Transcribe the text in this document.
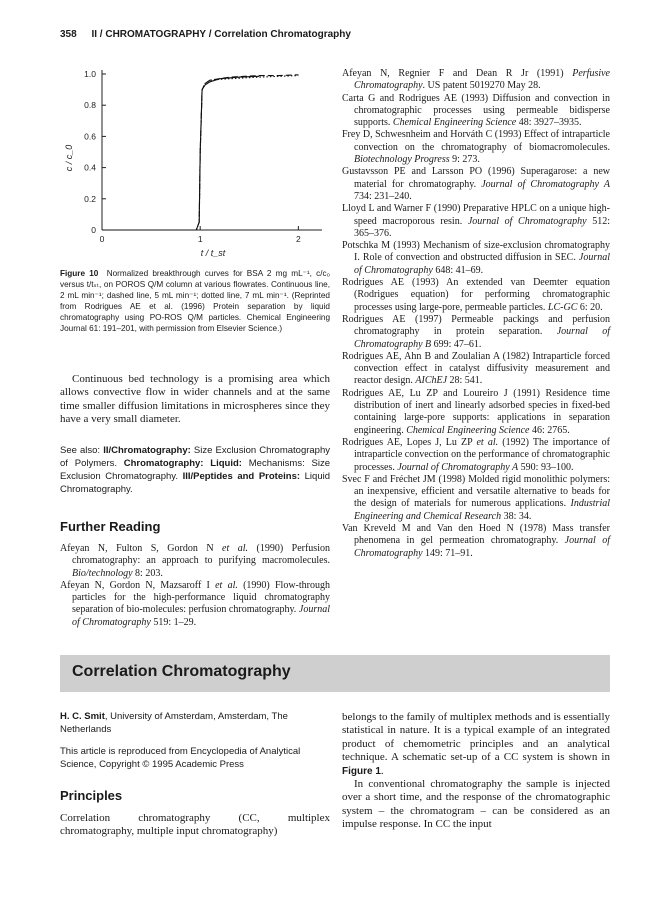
358 II / CHROMATOGRAPHY / Correlation Chromatography
0
0.2
0.4
0.6
0.8
1.0
0	1	2
c / c_0
t / t_st
Figure 10 Normalized breakthrough curves for BSA 2 mg mL⁻¹, c/c₀ versus t/tₛₜ, on POROS Q/M column at various flowrates. Continuous line, 2 mL min⁻¹; dashed line, 5 mL min⁻¹; dotted line, 7 mL min⁻¹. (Reprinted from Rodrigues AE et al. (1996) Protein separation by liquid chromatography using PO-ROS Q/M particles. Chemical Engineering Journal 61: 191–201, with permission from Elsevier Science.)

Continuous bed technology is a promising area which allows convective flow in wider channels and at the same time smaller diffusion limitations in microspheres since they have a very small diameter.

See also: II/Chromatography: Size Exclusion Chromatography of Polymers. Chromatography: Liquid: Mechanisms: Size Exclusion Chromatography. III/Peptides and Proteins: Liquid Chromatography.

Further Reading

Afeyan N, Fulton S, Gordon N et al. (1990) Perfusion chromatography: an approach to purifying macromolecules. Bio/technology 8: 203.

Afeyan N, Gordon N, Mazsaroff I et al. (1990) Flow-through particles for the high-performance liquid chromatography separation of bio-molecules: perfusion chromatography. Journal of Chromatography 519: 1–29.

Afeyan N, Regnier F and Dean R Jr (1991) Perfusive Chromatography. US patent 5019270 May 28.

Carta G and Rodrigues AE (1993) Diffusion and convection in chromatographic processes using permeable bidisperse supports. Chemical Engineering Science 48: 3927–3935.

Frey D, Schwesnheim and Horváth C (1993) Effect of intraparticle convection on the chromatography of biomacromolecules. Biotechnology Progress 9: 273.

Gustavsson PE and Larsson PO (1996) Superagarose: a new material for chromatography. Journal of Chromatography A 734: 231–240.

Lloyd L and Warner F (1990) Preparative HPLC on a unique high-speed macroporous resin. Journal of Chromatography 512: 365–376.

Potschka M (1993) Mechanism of size-exclusion chromatography I. Role of convection and obstructed diffusion in SEC. Journal of Chromatography 648: 41–69.

Rodrigues AE (1993) An extended van Deemter equation (Rodrigues equation) for performing chromatographic processes using large-pore, permeable particles. LC-GC 6: 20.

Rodrigues AE (1997) Permeable packings and perfusion chromatography in protein separation. Journal of Chromatography B 699: 47–61.

Rodrigues AE, Ahn B and Zoulalian A (1982) Intraparticle forced convection effect in catalyst diffusivity measurement and reactor design. AIChEJ 28: 541.

Rodrigues AE, Lu ZP and Loureiro J (1991) Residence time distribution of inert and linearly adsorbed species in fixed-bed containing large-pore supports: applications in separation engineering. Chemical Engineering Science 46: 2765.

Rodrigues AE, Lopes J, Lu ZP et al. (1992) The importance of intraparticle convection on the performance of chromatographic processes. Journal of Chromatography A 590: 93–100.

Svec F and Fréchet JM (1998) Molded rigid monolithic polymers: an inexpensive, efficient and versatile alternative to beads for the design of materials for numerous applications. Industrial Engineering and Chemical Research 38: 34.

Van Kreveld M and Van den Hoed N (1978) Mass transfer phenomena in gel permeation chromatography. Journal of Chromatography 149: 71–91.

Correlation Chromatography

H. C. Smit, University of Amsterdam, Amsterdam, The Netherlands

This article is reproduced from Encyclopedia of Analytical Science, Copyright © 1995 Academic Press

Principles

Correlation chromatography (CC, multiplex chromatography, multiple input chromatography)

belongs to the family of multiplex methods and is essentially statistical in nature. It is a typical example of an integrated product of chemometric principles and an analytical technique. A schematic set-up of a CC system is shown in Figure 1.

In conventional chromatography the sample is injected over a short time, and the response of the chromatographic system – the chromatogram – can be considered as an impulse response. In CC the input
